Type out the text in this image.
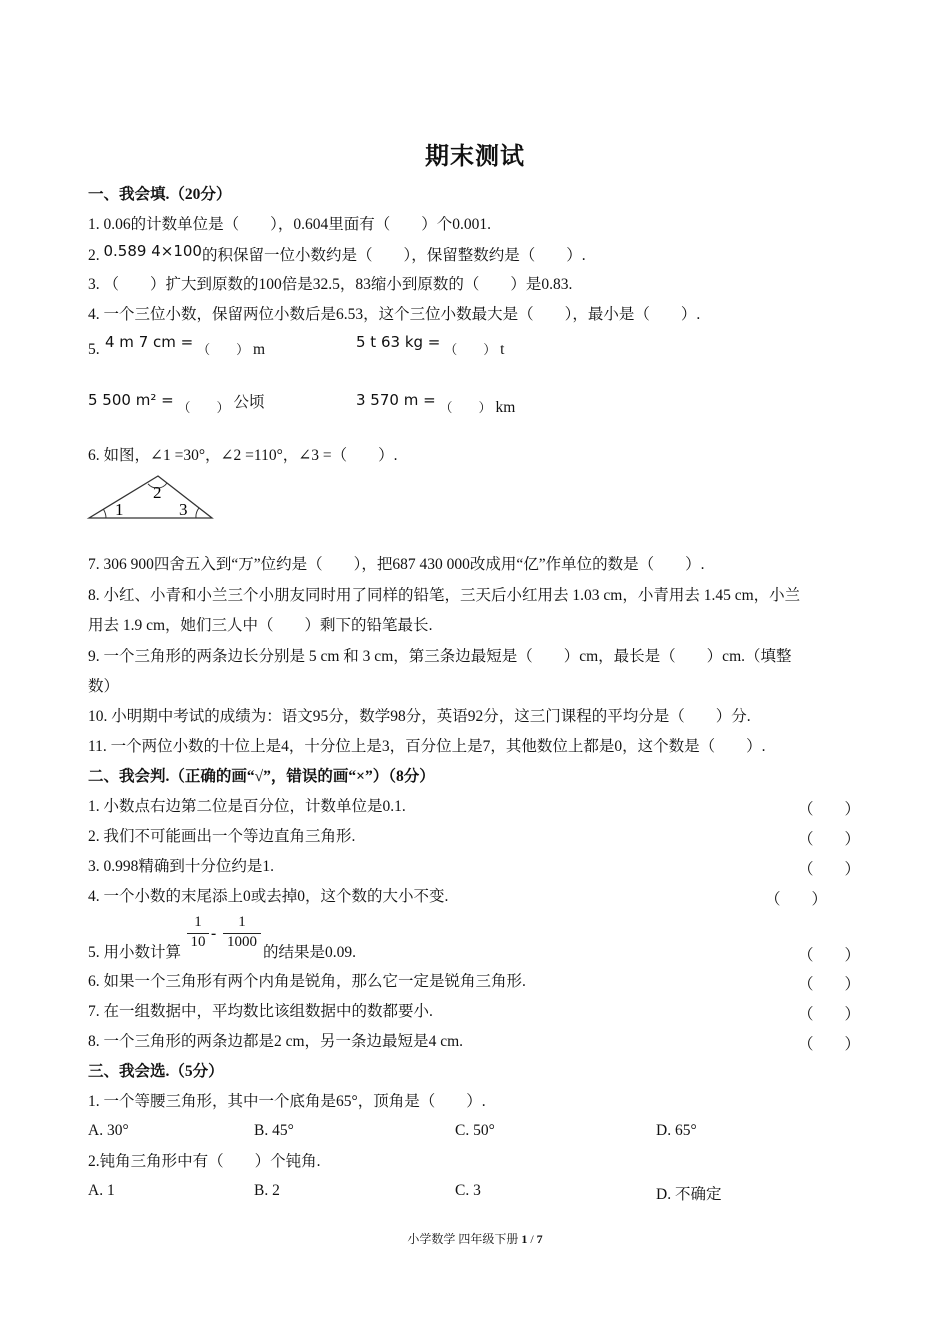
期末测试
一、我会填.（20分）
1. 0.06的计数单位是（　　），0.604里面有（　　）个0.001.
2. 0.589 4×100的积保留一位小数约是（　　），保留整数约是（　　）.
3. （　　）扩大到原数的100倍是32.5，83缩小到原数的（　　）是0.83.
4. 一个三位小数，保留两位小数后是6.53，这个三位小数最大是（　　），最小是（　　）.
5. 4 m 7 cm = $_{( )}$ m	5 t 63 kg = $_{( )}$ t
5 500 m² = $_{( )}$ 公顷	3 570 m = $_{( )}$ km
6. 如图，∠1 =30°，∠2 =110°，∠3 =（　　）.
1
2
3
7. 306 900四舍五入到“万”位约是（　　），把687 430 000改成用“亿”作单位的数是（　　）.
8. 小红、小青和小兰三个小朋友同时用了同样的铅笔，三天后小红用去 1.03 cm，小青用去 1.45 cm，小兰
用去 1.9 cm，她们三人中（　　）剩下的铅笔最长.
9. 一个三角形的两条边长分别是 5 cm 和 3 cm，第三条边最短是（　　）cm，最长是（　　）cm.（填整
数）
10. 小明期中考试的成绩为：语文95分，数学98分，英语92分，这三门课程的平均分是（　　）分.
11. 一个两位小数的十位上是4，十分位上是3，百分位上是7，其他数位上都是0，这个数是（　　）.
二、我会判.（正确的画“√”，错误的画“×”）（8分）
1. 小数点右边第二位是百分位，计数单位是0.1.	（　　）
2. 我们不可能画出一个等边直角三角形.	（　　）
3. 0.998精确到十分位约是1.	（　　）
4. 一个小数的末尾添上0或去掉0，这个数的大小不变.	（　　）
5. 用小数计算
1
10 -
1
1000
的结果是0.09.	（　　）
6. 如果一个三角形有两个内角是锐角，那么它一定是锐角三角形.	（　　）
7. 在一组数据中，平均数比该组数据中的数都要小.	（　　）
8. 一个三角形的两条边都是2 cm，另一条边最短是4 cm.	（　　）
三、我会选.（5分）
1. 一个等腰三角形，其中一个底角是65°，顶角是（　　）.
A. 30°	B. 45°	C. 50°	D. 65°
2.钝角三角形中有（　　）个钝角.
A. 1	B. 2	C. 3	D. 不确定
小学数学 四年级下册 1 / 7
